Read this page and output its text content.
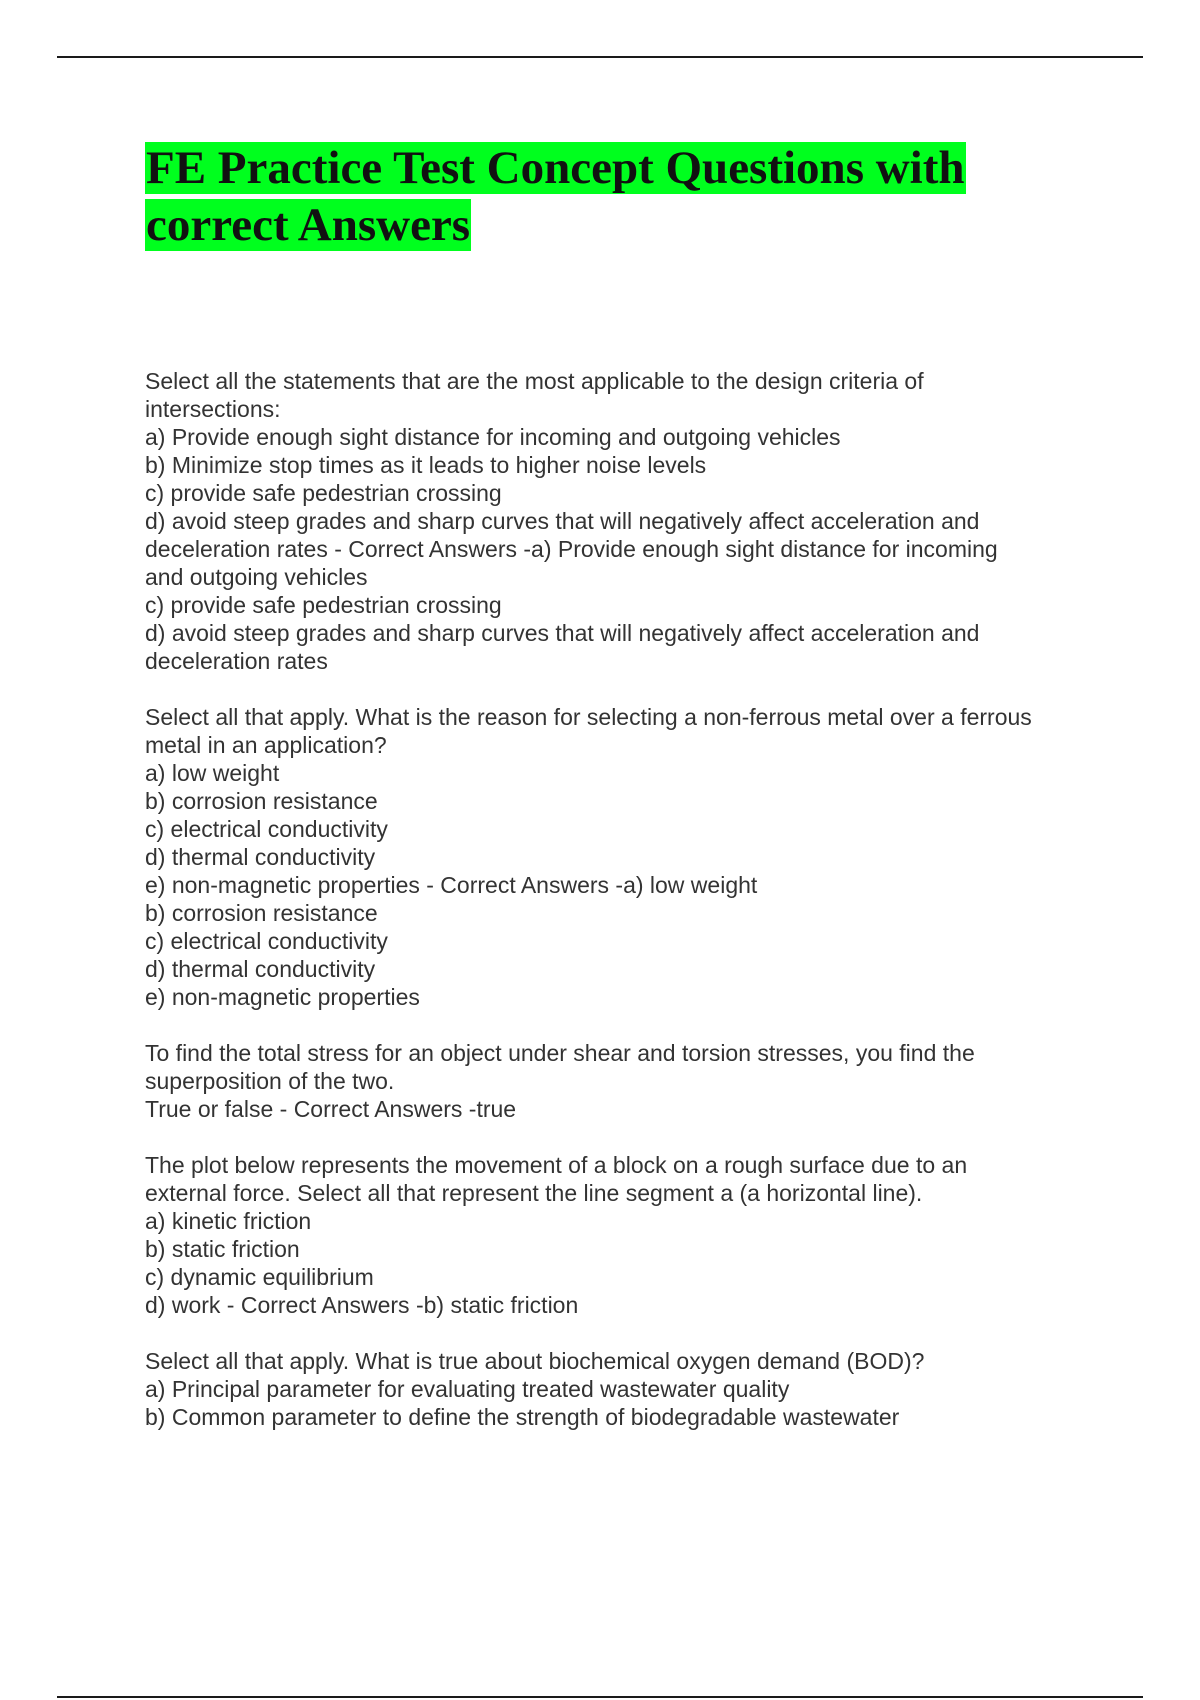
FE Practice Test Concept Questions with
correct Answers
Select all the statements that are the most applicable to the design criteria of
intersections:
a) Provide enough sight distance for incoming and outgoing vehicles
b) Minimize stop times as it leads to higher noise levels
c) provide safe pedestrian crossing
d) avoid steep grades and sharp curves that will negatively affect acceleration and
deceleration rates - Correct Answers -a) Provide enough sight distance for incoming
and outgoing vehicles
c) provide safe pedestrian crossing
d) avoid steep grades and sharp curves that will negatively affect acceleration and
deceleration rates
Select all that apply. What is the reason for selecting a non-ferrous metal over a ferrous
metal in an application?
a) low weight
b) corrosion resistance
c) electrical conductivity
d) thermal conductivity
e) non-magnetic properties - Correct Answers -a) low weight
b) corrosion resistance
c) electrical conductivity
d) thermal conductivity
e) non-magnetic properties
To find the total stress for an object under shear and torsion stresses, you find the
superposition of the two.
True or false - Correct Answers -true
The plot below represents the movement of a block on a rough surface due to an
external force. Select all that represent the line segment a (a horizontal line).
a) kinetic friction
b) static friction
c) dynamic equilibrium
d) work - Correct Answers -b) static friction
Select all that apply. What is true about biochemical oxygen demand (BOD)?
a) Principal parameter for evaluating treated wastewater quality
b) Common parameter to define the strength of biodegradable wastewater
